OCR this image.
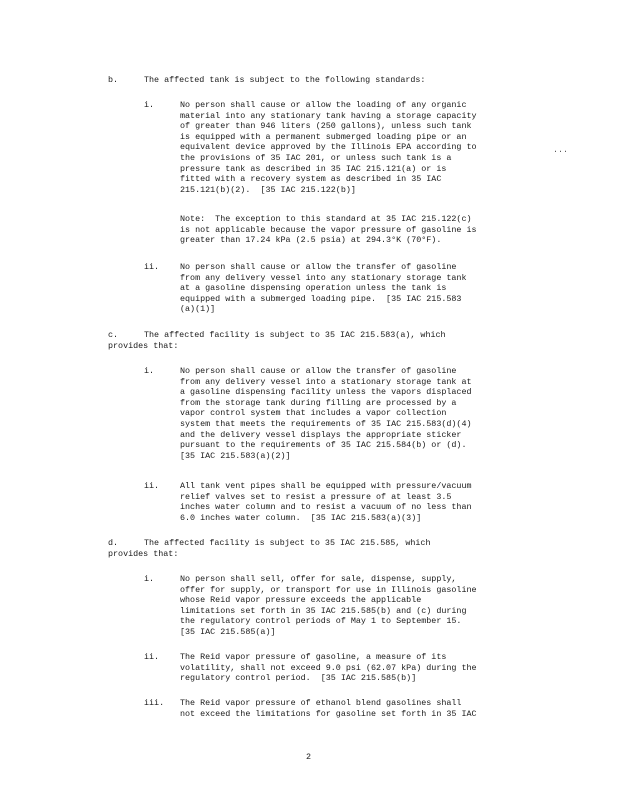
b.	The affected tank is subject to the following standards:
i.	No person shall cause or allow the loading of any organic
material into any stationary tank having a storage capacity
of greater than 946 liters (250 gallons), unless such tank
is equipped with a permanent submerged loading pipe or an
equivalent device approved by the Illinois EPA according to
the provisions of 35 IAC 201, or unless such tank is a
pressure tank as described in 35 IAC 215.121(a) or is
fitted with a recovery system as described in 35 IAC
215.121(b)(2).  [35 IAC 215.122(b)]
...
Note:  The exception to this standard at 35 IAC 215.122(c)
is not applicable because the vapor pressure of gasoline is
greater than 17.24 kPa (2.5 psia) at 294.3°K (70°F).
ii. No person shall cause or allow the transfer of gasoline
from any delivery vessel into any stationary storage tank
at a gasoline dispensing operation unless the tank is
equipped with a submerged loading pipe.  [35 IAC 215.583
(a)(1)]
c.	The affected facility is subject to 35 IAC 215.583(a), which
provides that:
i.	No person shall cause or allow the transfer of gasoline
from any delivery vessel into a stationary storage tank at
a gasoline dispensing facility unless the vapors displaced
from the storage tank during filling are processed by a
vapor control system that includes a vapor collection
system that meets the requirements of 35 IAC 215.583(d)(4)
and the delivery vessel displays the appropriate sticker
pursuant to the requirements of 35 IAC 215.584(b) or (d).
[35 IAC 215.583(a)(2)]
ii. All tank vent pipes shall be equipped with pressure/vacuum
relief valves set to resist a pressure of at least 3.5
inches water column and to resist a vacuum of no less than
6.0 inches water column.  [35 IAC 215.583(a)(3)]
d.	The affected facility is subject to 35 IAC 215.585, which
provides that:
i.	No person shall sell, offer for sale, dispense, supply,
offer for supply, or transport for use in Illinois gasoline
whose Reid vapor pressure exceeds the applicable
limitations set forth in 35 IAC 215.585(b) and (c) during
the regulatory control periods of May 1 to September 15.
[35 IAC 215.585(a)]
ii. The Reid vapor pressure of gasoline, a measure of its
volatility, shall not exceed 9.0 psi (62.07 kPa) during the
regulatory control period.  [35 IAC 215.585(b)]
iii. The Reid vapor pressure of ethanol blend gasolines shall
not exceed the limitations for gasoline set forth in 35 IAC
2
